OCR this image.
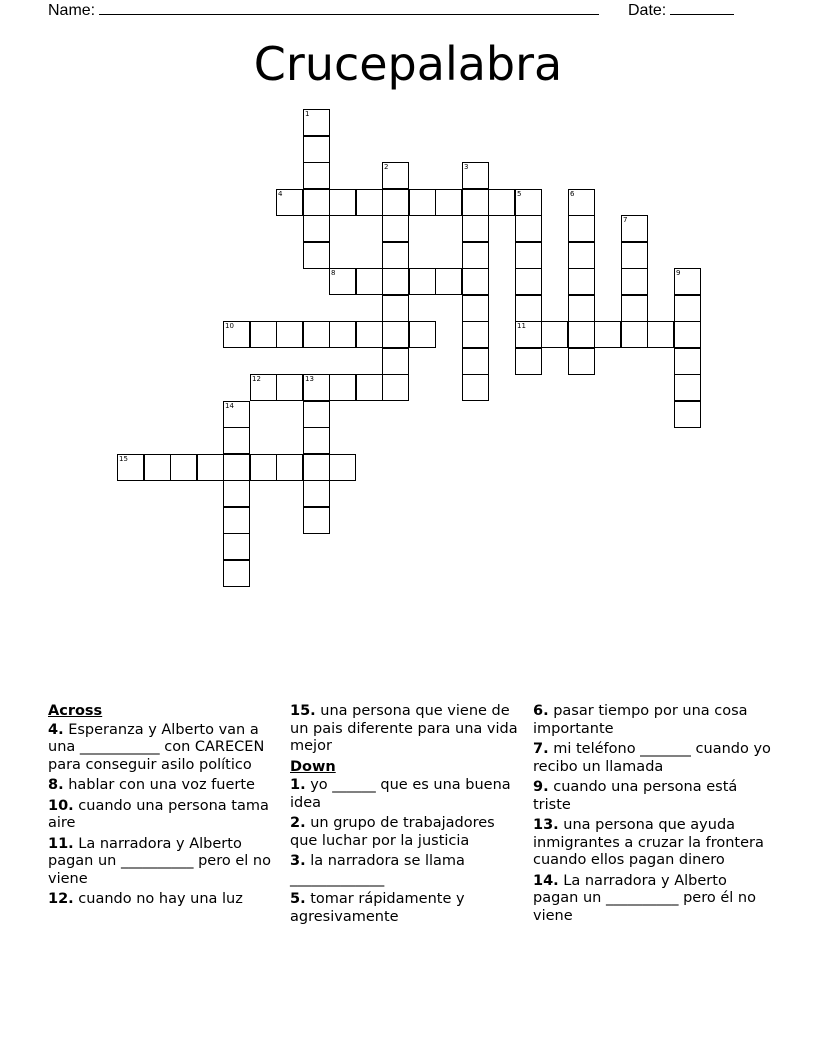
Name:	Date:
Crucepalabra
1
2	3
4	5
11
6
7
8	9
10
12	13
14
15
Across
4. Esperanza y Alberto van a una ___________ con CARECEN para conseguir asilo político
8. hablar con una voz fuerte
10. cuando una persona tama aire
11. La narradora y Alberto pagan un __________ pero el no viene
12. cuando no hay una luz
15. una persona que viene de un pais diferente para una vida mejor
Down
1. yo ______ que es una buena idea
2. un grupo de trabajadores que luchar por la justicia
3. la narradora se llama _____________
5. tomar rápidamente y agresivamente
6. pasar tiempo por una cosa importante
7. mi teléfono _______ cuando yo recibo un llamada
9. cuando una persona está triste
13. una persona que ayuda inmigrantes a cruzar la frontera cuando ellos pagan dinero
14. La narradora y Alberto pagan un __________ pero él no viene
